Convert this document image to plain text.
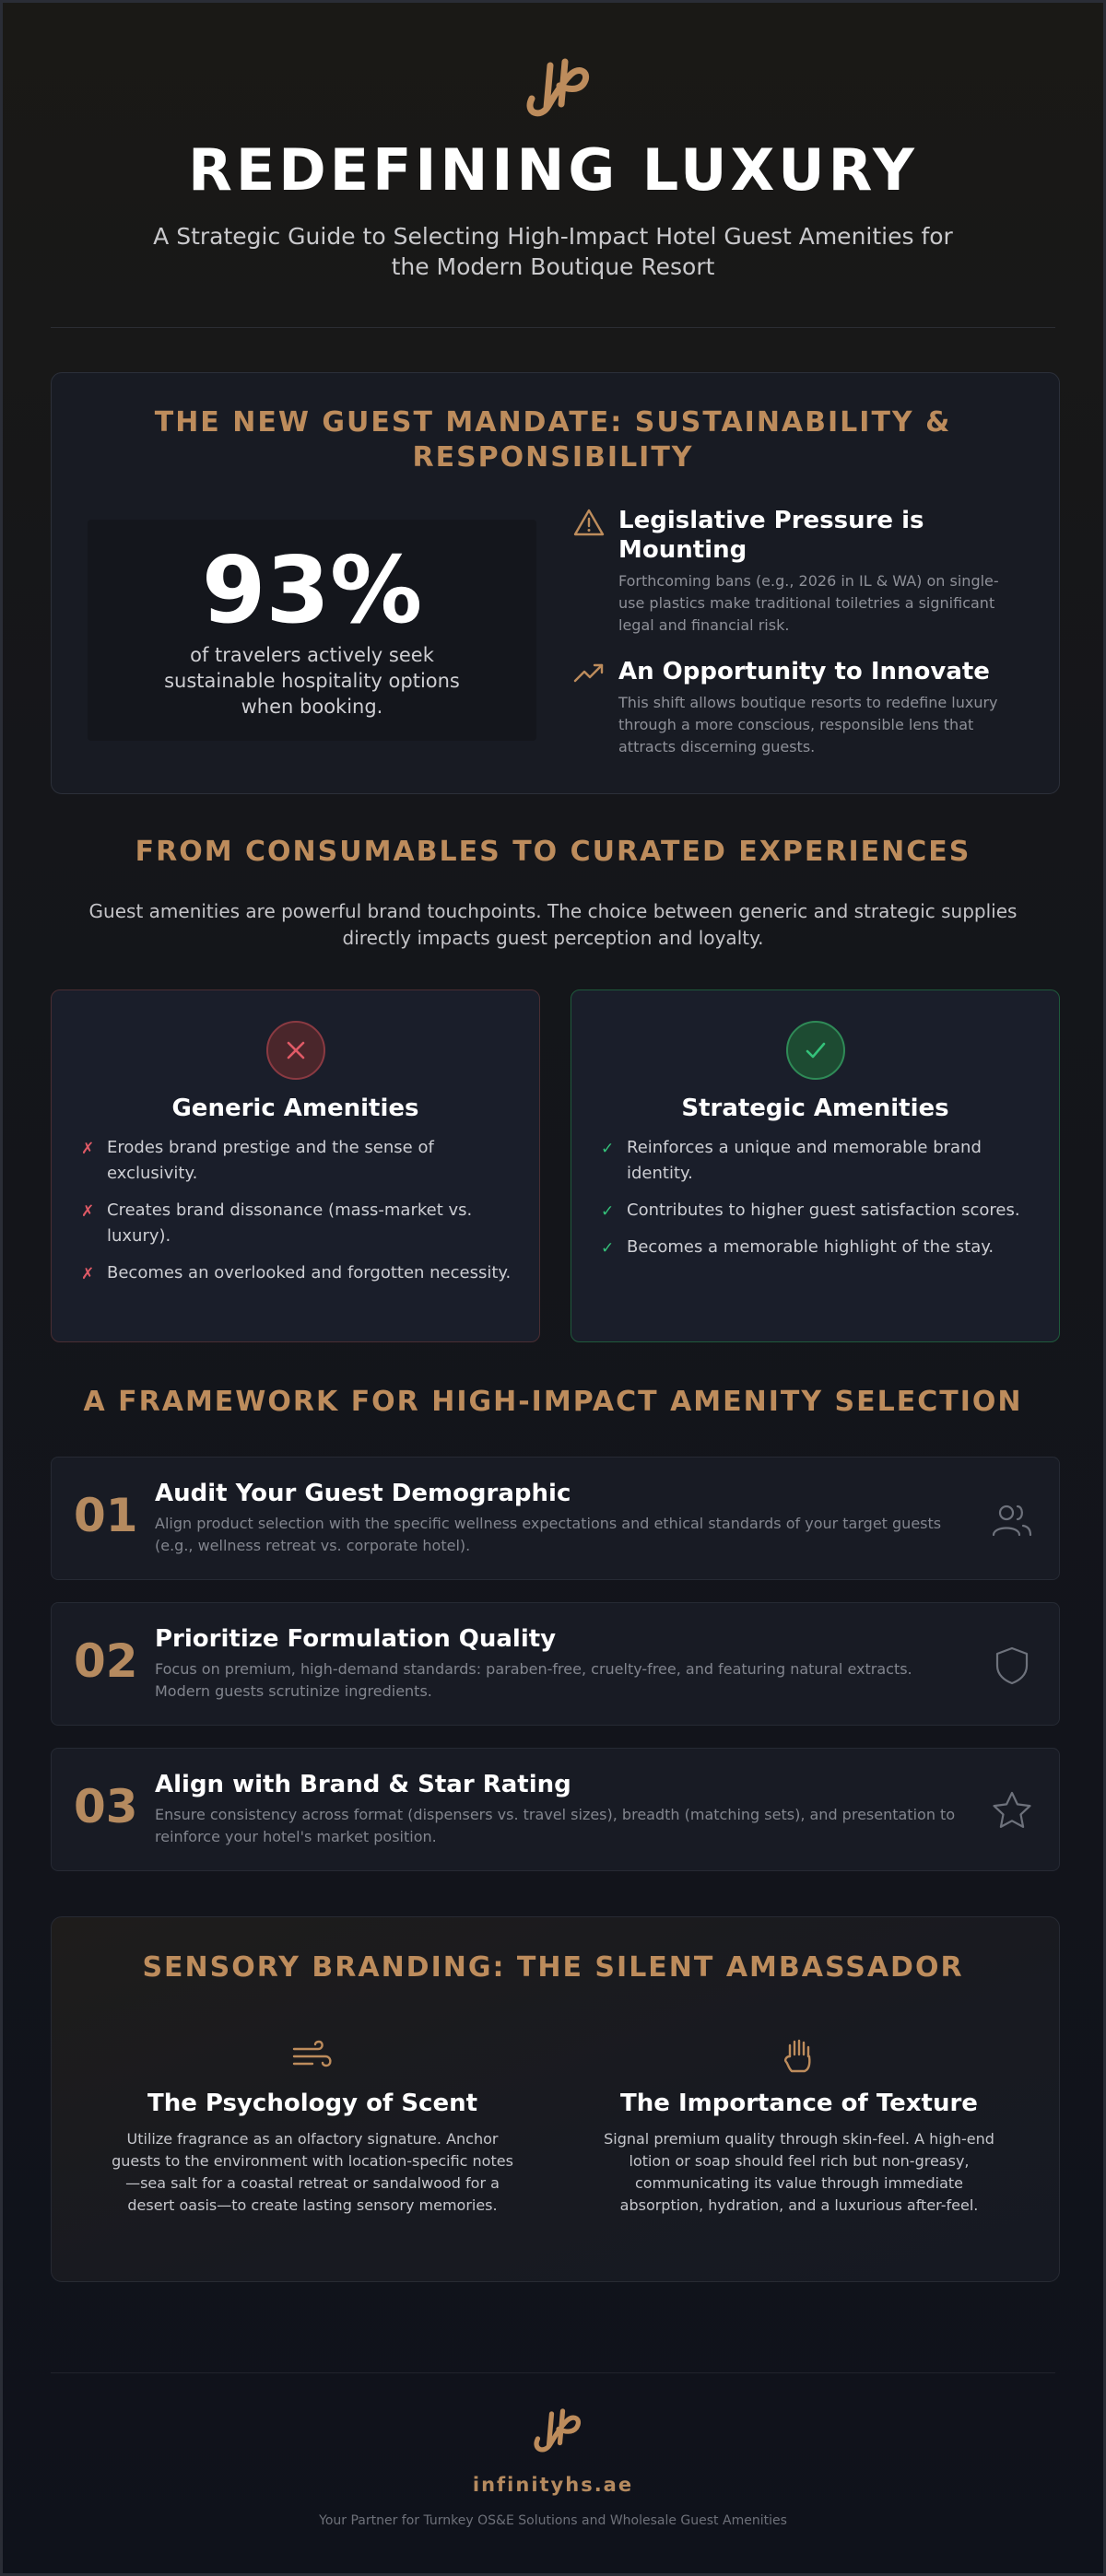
REDEFINING LUXURY

A Strategic Guide to Selecting High-Impact Hotel Guest Amenities for the Modern Boutique Resort

THE NEW GUEST MANDATE: SUSTAINABILITY & RESPONSIBILITY
93%
of travelers actively seek sustainable hospitality options when booking.
Legislative Pressure is Mounting

Forthcoming bans (e.g., 2026 in IL & WA) on single-use plastics make traditional toiletries a significant legal and financial risk.

An Opportunity to Innovate

This shift allows boutique resorts to redefine luxury through a more conscious, responsible lens that attracts discerning guests.

FROM CONSUMABLES TO CURATED EXPERIENCES

Guest amenities are powerful brand touchpoints. The choice between generic and strategic supplies directly impacts guest perception and loyalty.

Generic Amenities
✗ Erodes brand prestige and the sense of exclusivity.
✗ Creates brand dissonance (mass-market vs. luxury).
✗ Becomes an overlooked and forgotten necessity.
Strategic Amenities
✓ Reinforces a unique and memorable brand identity.
✓ Contributes to higher guest satisfaction scores.
✓ Becomes a memorable highlight of the stay.
A FRAMEWORK FOR HIGH-IMPACT AMENITY SELECTION
01 Audit Your Guest Demographic

Align product selection with the specific wellness expectations and ethical standards of your target guests (e.g., wellness retreat vs. corporate hotel).

02 Prioritize Formulation Quality

Focus on premium, high-demand standards: paraben-free, cruelty-free, and featuring natural extracts. Modern guests scrutinize ingredients.

03 Align with Brand & Star Rating

Ensure consistency across format (dispensers vs. travel sizes), breadth (matching sets), and presentation to reinforce your hotel's market position.

SENSORY BRANDING: THE SILENT AMBASSADOR
The Psychology of Scent

Utilize fragrance as an olfactory signature. Anchor guests to the environment with location-specific notes—sea salt for a coastal retreat or sandalwood for a desert oasis—to create lasting sensory memories.

The Importance of Texture

Signal premium quality through skin-feel. A high-end lotion or soap should feel rich but non-greasy, communicating its value through immediate absorption, hydration, and a luxurious after-feel.

infinityhs.ae
Your Partner for Turnkey OS&E Solutions and Wholesale Guest Amenities
